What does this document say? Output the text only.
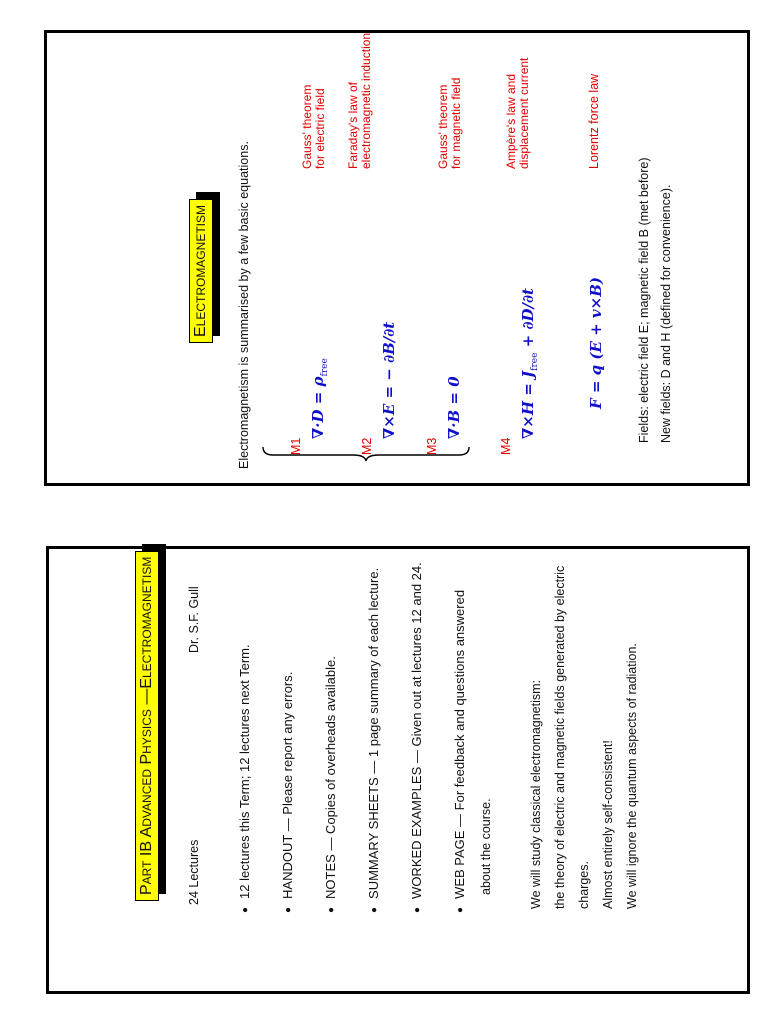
ELECTROMAGNETISM	Electromagnetism is summarised by a few basic equations.	M1
$\nabla\cdot D = \rho_{free}$
Gauss' theorem for electric field
M2
∇×E = − ∂B/∂t
Faraday's law of electromagnetic induction
M3
∇·B = 0
Gauss' theorem for magnetic field
M4
$\nabla\times H = J_{free} + \partial D/\partial t$
Ampère's law and displacement current
F = q (E + v×B)
Lorentz force law
Fields: electric field E; magnetic field B (met before) New fields: D and H (defined for convenience).
PART IB ADVANCED PHYSICS —ELECTROMAGNETISM
24 Lectures
Dr. S.F. Gull
● 12 lectures this Term; 12 lectures next Term. ● HANDOUT — Please report any errors. ● NOTES — Copies of overheads available. ● SUMMARY SHEETS — 1 page summary of each lecture. ● WORKED EXAMPLES — Given out at lectures 12 and 24. ● WEB PAGE — For feedback and questions answered about the course.	We will study classical electromagnetism: the theory of electric and magnetic fields generated by electric charges. Almost entirely self-consistent! We will ignore the quantum aspects of radiation.
